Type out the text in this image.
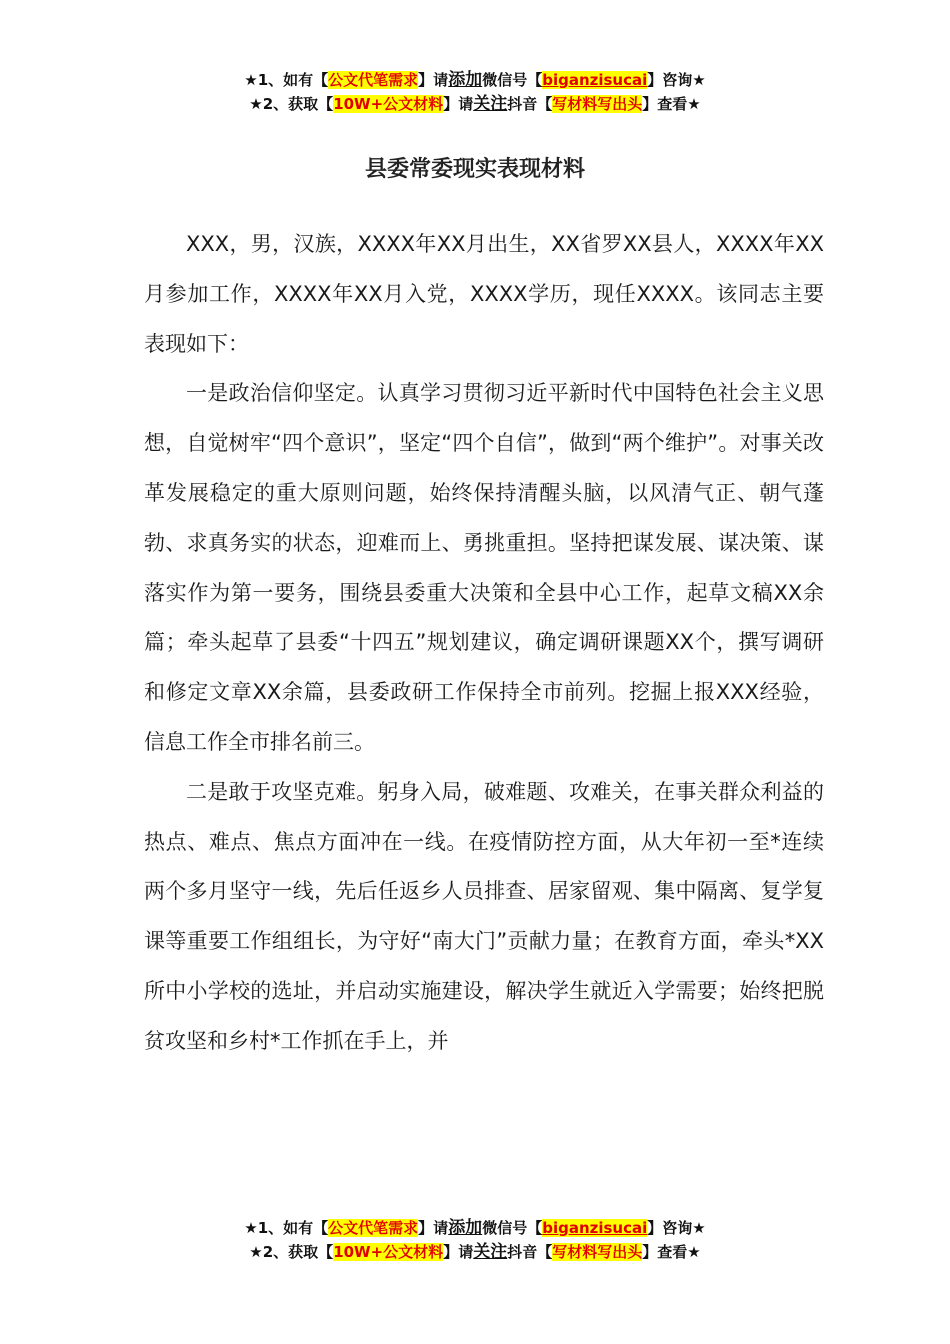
★1、如有【公文代笔需求】请添加微信号【biganzisucai】咨询★
★2、获取【10W+公文材料】请关注抖音【写材料写出头】查看★
县委常委现实表现材料

XXX，男，汉族，XXXX年XX月出生，XX省罗XX县人，XXXX年XX月参加工作，XXXX年XX月入党，XXXX学历，现任XXXX。该同志主要表现如下：

一是政治信仰坚定。认真学习贯彻习近平新时代中国特色社会主义思想，自觉树牢“四个意识”，坚定“四个自信”，做到“两个维护”。对事关改革发展稳定的重大原则问题，始终保持清醒头脑，以风清气正、朝气蓬勃、求真务实的状态，迎难而上、勇挑重担。坚持把谋发展、谋决策、谋落实作为第一要务，围绕县委重大决策和全县中心工作，起草文稿XX余篇；牵头起草了县委“十四五”规划建议，确定调研课题XX个，撰写调研和修定文章XX余篇，县委政研工作保持全市前列。挖掘上报XXX经验，信息工作全市排名前三。

二是敢于攻坚克难。躬身入局，破难题、攻难关，在事关群众利益的热点、难点、焦点方面冲在一线。在疫情防控方面，从大年初一至*连续两个多月坚守一线，先后任返乡人员排查、居家留观、集中隔离、复学复课等重要工作组组长，为守好“南大门”贡献力量；在教育方面，牵头*XX所中小学校的选址，并启动实施建设，解决学生就近入学需要；始终把脱贫攻坚和乡村*工作抓在手上，并

★1、如有【公文代笔需求】请添加微信号【biganzisucai】咨询★
★2、获取【10W+公文材料】请关注抖音【写材料写出头】查看★
